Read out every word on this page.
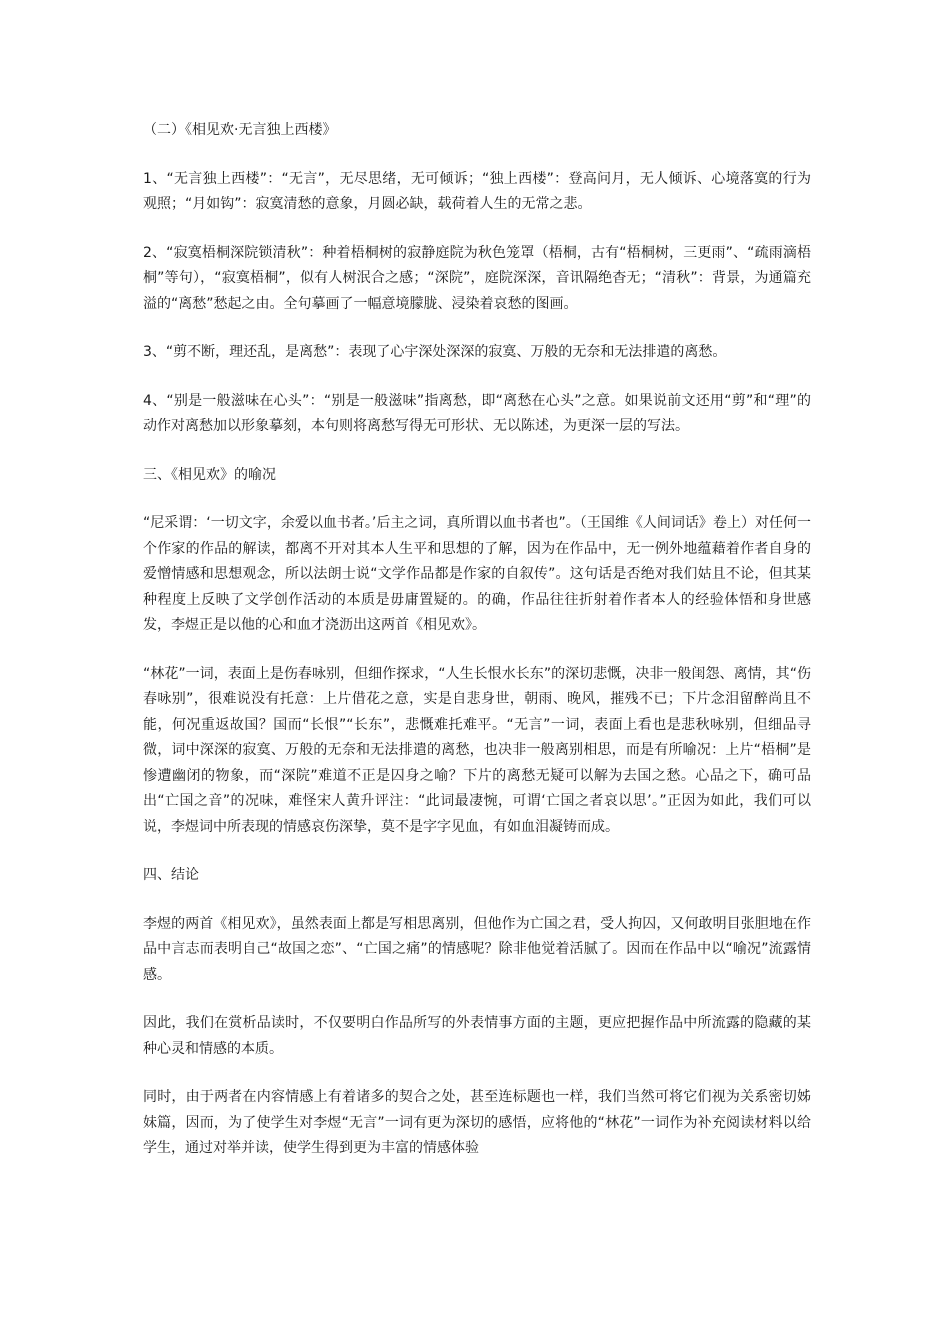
（二）《相见欢·无言独上西楼》

1、“无言独上西楼”：“无言”，无尽思绪，无可倾诉；“独上西楼”：登高问月，无人倾诉、心境落寞的行为观照；“月如钩”：寂寞清愁的意象，月圆必缺，载荷着人生的无常之悲。

2、“寂寞梧桐深院锁清秋”：种着梧桐树的寂静庭院为秋色笼罩（梧桐，古有“梧桐树，三更雨”、“疏雨滴梧桐”等句），“寂寞梧桐”，似有人树泯合之感；“深院”，庭院深深，音讯隔绝杳无；“清秋”：背景，为通篇充溢的“离愁”愁起之由。全句摹画了一幅意境朦胧、浸染着哀愁的图画。

3、“剪不断，理还乱，是离愁”：表现了心宇深处深深的寂寞、万般的无奈和无法排遣的离愁。

4、“别是一般滋味在心头”：“别是一般滋味”指离愁，即“离愁在心头”之意。如果说前文还用“剪”和“理”的动作对离愁加以形象摹刻，本句则将离愁写得无可形状、无以陈述，为更深一层的写法。

三、《相见欢》的喻况

“尼采谓：‘一切文字，余爱以血书者。’后主之词，真所谓以血书者也”。（王国维《人间词话》卷上）对任何一个作家的作品的解读，都离不开对其本人生平和思想的了解，因为在作品中，无一例外地蕴藉着作者自身的爱憎情感和思想观念，所以法朗士说“文学作品都是作家的自叙传”。这句话是否绝对我们姑且不论，但其某种程度上反映了文学创作活动的本质是毋庸置疑的。的确，作品往往折射着作者本人的经验体悟和身世感发，李煜正是以他的心和血才浇沥出这两首《相见欢》。

“林花”一词，表面上是伤春咏别，但细作探求，“人生长恨水长东”的深切悲慨，决非一般闺怨、离情，其“伤春咏别”，很难说没有托意：上片借花之意，实是自悲身世，朝雨、晚风，摧残不已；下片念泪留醉尚且不能，何况重返故国？国而“长恨”“长东”，悲慨难托难平。“无言”一词，表面上看也是悲秋咏别，但细品寻微，词中深深的寂寞、万般的无奈和无法排遣的离愁，也决非一般离别相思，而是有所喻况：上片“梧桐”是惨遭幽闭的物象，而“深院”难道不正是囚身之喻？下片的离愁无疑可以解为去国之愁。心品之下，确可品出“亡国之音”的况味，难怪宋人黄升评注：“此词最凄惋，可谓‘亡国之者哀以思’。”正因为如此，我们可以说，李煜词中所表现的情感哀伤深挚，莫不是字字见血，有如血泪凝铸而成。

四、结论

李煜的两首《相见欢》，虽然表面上都是写相思离别，但他作为亡国之君，受人拘囚，又何敢明目张胆地在作品中言志而表明自己“故国之恋”、“亡国之痛”的情感呢？除非他觉着活腻了。因而在作品中以“喻况”流露情感。

因此，我们在赏析品读时，不仅要明白作品所写的外表情事方面的主题，更应把握作品中所流露的隐藏的某种心灵和情感的本质。

同时，由于两者在内容情感上有着诸多的契合之处，甚至连标题也一样，我们当然可将它们视为关系密切姊妹篇，因而，为了使学生对李煜“无言”一词有更为深切的感悟，应将他的“林花”一词作为补充阅读材料以给学生，通过对举并读，使学生得到更为丰富的情感体验
